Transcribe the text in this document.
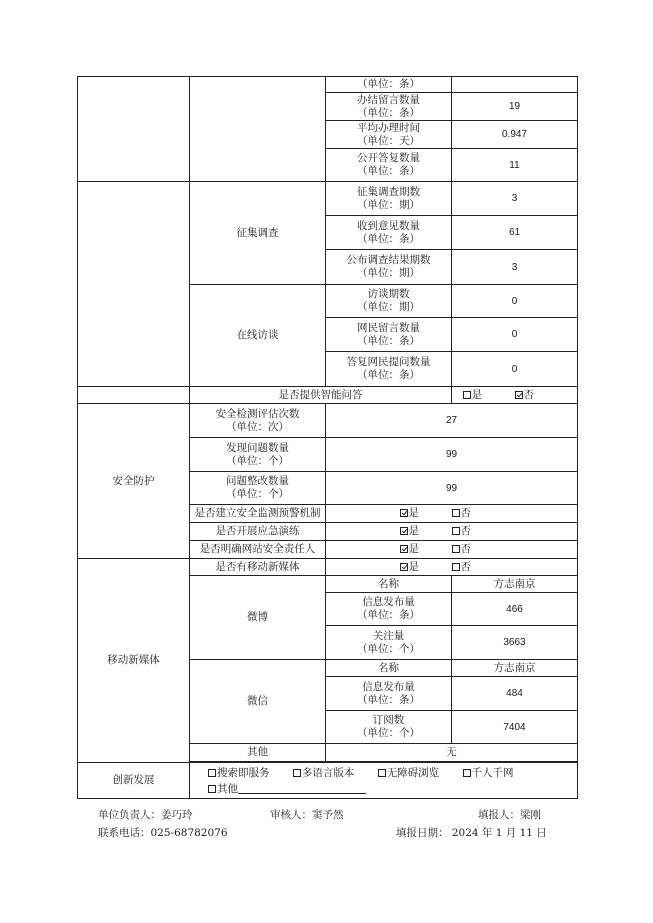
		（单位：条）	

		办结留言数量
（单位：条）	19

		平均办理时间
（单位：天）	0.947

		公开答复数量
（单位：条）	11
	征集调查	征集调查期数
（单位：期）	3

		收到意见数量
（单位：条）	61

		公布调查结果期数
（单位：期）	3
	在线访谈	访谈期数
（单位：期）	0

		网民留言数量
（单位：条）	0

		答复网民提问数量
（单位：条）	0
	是否提供智能问答		是 否

安全防护	安全检测评估次数
（单位：次）	27	

	发现问题数量
（单位：个）	99	

	问题整改数量
（单位：个）	99	
	是否建立安全监测预警机制	是 否	

	是否开展应急演练	是 否	

	是否明确网站安全责任人	是 否	

移动新媒体	是否有移动新媒体	是 否	

	微博	名称	方志南京

		信息发布量
（单位：条）	466

		关注量
（单位：个）	3663
	微信	名称	方志南京

		信息发布量
（单位：条）	484

		订阅数
（单位：个）	7404
	其他	无	

创新发展	搜索即服务 多语言版本 无障碍浏览 千人千网
其他		
单位负责人：姜巧玲	审核人：窦予然	填报人：梁刚
联系电话：025-68782076	填报日期： 2024 年 1 月 11 日
